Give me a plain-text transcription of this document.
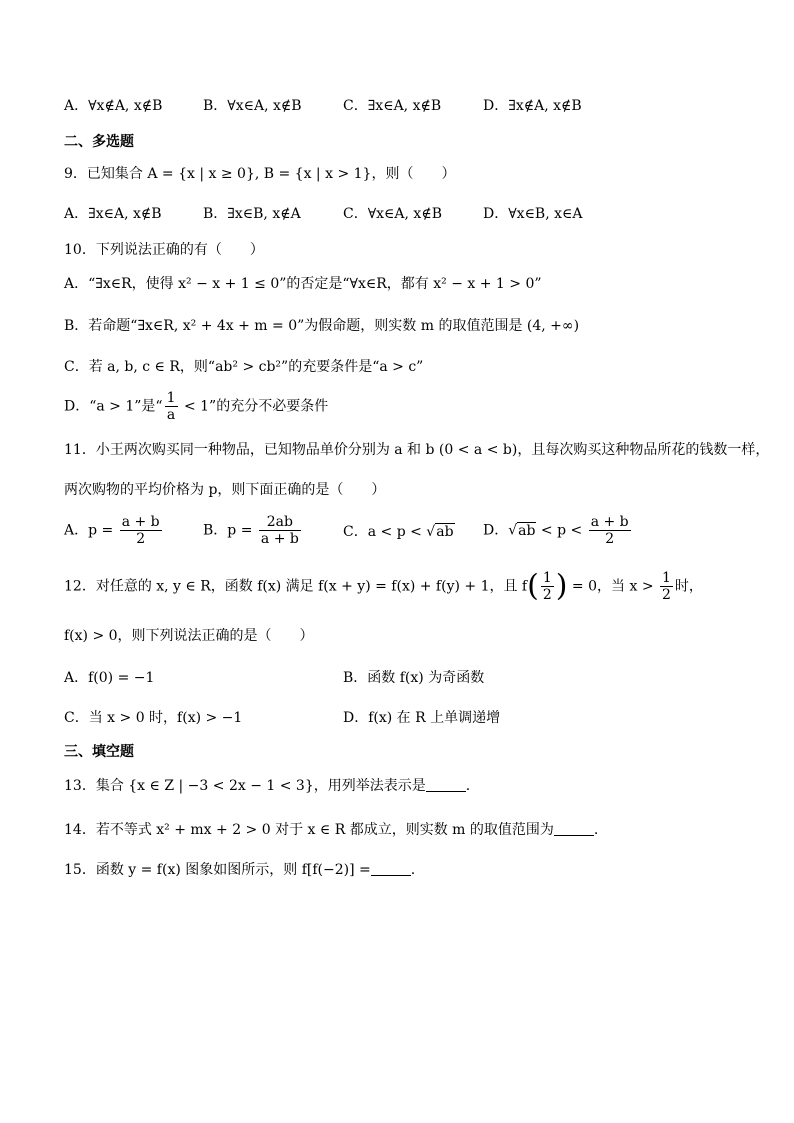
A．∀x∉A, x∉B	B．∀x∈A, x∉B	C．∃x∈A, x∉B	D．∃x∉A, x∉B
二、多选题
9．已知集合 A = {x | x ≥ 0}, B = {x | x > 1}，则（　　）
A．∃x∈A, x∉B	B．∃x∈B, x∉A	C．∀x∈A, x∉B	D．∀x∈B, x∈A
10．下列说法正确的有（　　）
A．“∃x∈R，使得 x² − x + 1 ≤ 0”的否定是“∀x∈R，都有 x² − x + 1 > 0”
B．若命题“∃x∈R, x² + 4x + m = 0”为假命题，则实数 m 的取值范围是 (4, +∞)
C．若 a, b, c ∈ R，则“ab² > cb²”的充要条件是“a > c”
D．“a > 1”是“ $\frac{1}{a} < 1$”的充分不必要条件
11．小王两次购买同一种物品，已知物品单价分别为 a 和 b (0 < a < b)，且每次购买这种物品所花的钱数一样，
两次购物的平均价格为 p，则下面正确的是（　　）
A．$p = \frac{a + b}{2}$	B．$p = \frac{2ab}{a + b}$	C．a < p < √ab D．$√ab < p < \frac{a + b}{2}$
12．对任意的 x, y ∈ R，函数 f(x) 满足 f(x + y) = f(x) + f(y) + 1，且 $f( \frac{1}{2}$ ) = 0，当 $x > \frac{1}{2}$ 时，
f(x) > 0，则下列说法正确的是（　　）
A．f(0) = −1	B．函数 f(x) 为奇函数
C．当 x > 0 时，f(x) > −1	D．f(x) 在 R 上单调递增
三、填空题
13．集合 {x ∈ Z | −3 < 2x − 1 < 3}，用列举法表示是	.
14．若不等式 x² + mx + 2 > 0 对于 x ∈ R 都成立，则实数 m 的取值范围为	.
15．函数 y = f(x) 图象如图所示，则 f[f(−2)] =	.
